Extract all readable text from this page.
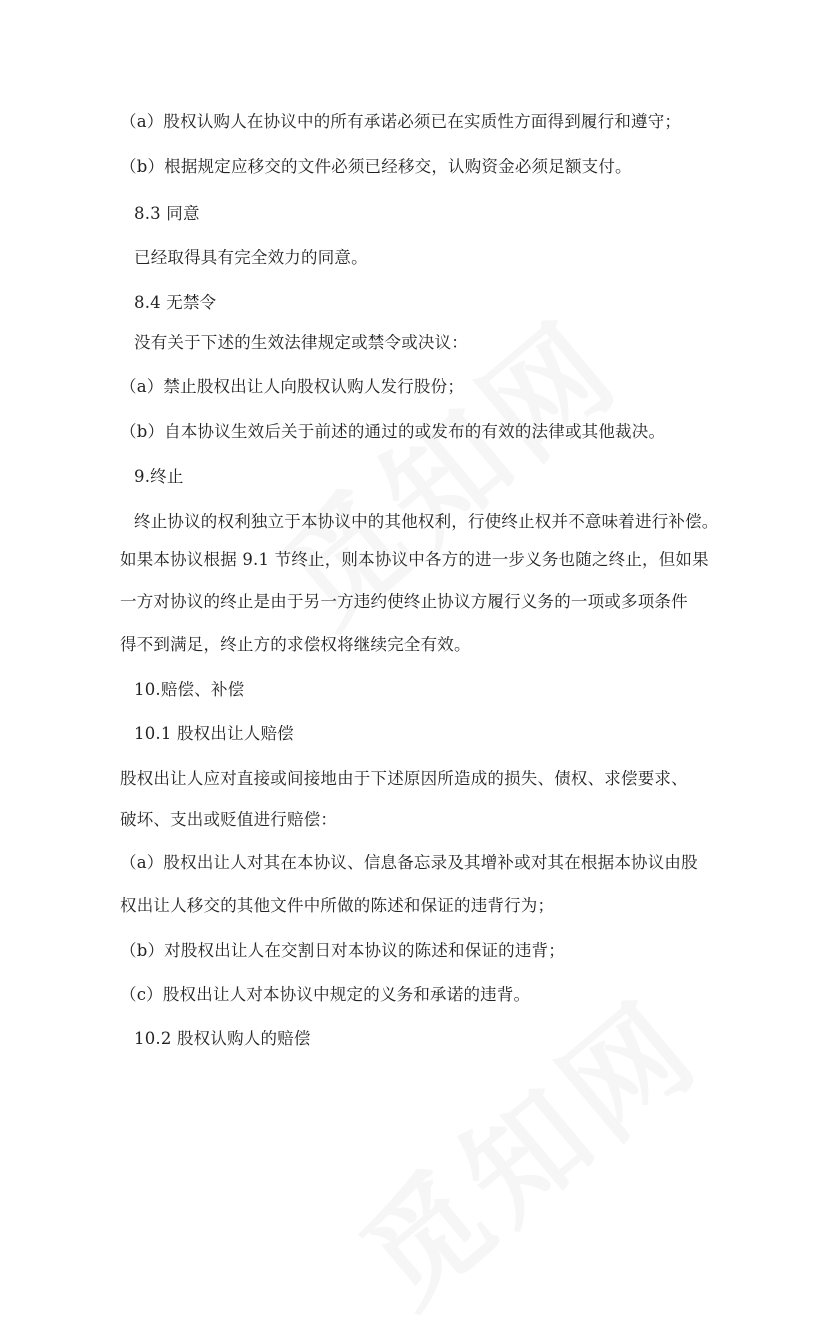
（a）股权认购人在协议中的所有承诺必须已在实质性方面得到履行和遵守；
（b）根据规定应移交的文件必须已经移交，认购资金必须足额支付。
8.3 同意
已经取得具有完全效力的同意。
8.4 无禁令
没有关于下述的生效法律规定或禁令或决议：
（a）禁止股权出让人向股权认购人发行股份；
（b）自本协议生效后关于前述的通过的或发布的有效的法律或其他裁决。
9.终止
终止协议的权利独立于本协议中的其他权利，行使终止权并不意味着进行补偿。
如果本协议根据 9.1 节终止，则本协议中各方的进一步义务也随之终止，但如果
一方对协议的终止是由于另一方违约使终止协议方履行义务的一项或多项条件
得不到满足，终止方的求偿权将继续完全有效。
10.赔偿、补偿
10.1 股权出让人赔偿
股权出让人应对直接或间接地由于下述原因所造成的损失、债权、求偿要求、
破坏、支出或贬值进行赔偿：
（a）股权出让人对其在本协议、信息备忘录及其增补或对其在根据本协议由股
权出让人移交的其他文件中所做的陈述和保证的违背行为；
（b）对股权出让人在交割日对本协议的陈述和保证的违背；
（c）股权出让人对本协议中规定的义务和承诺的违背。
10.2 股权认购人的赔偿
